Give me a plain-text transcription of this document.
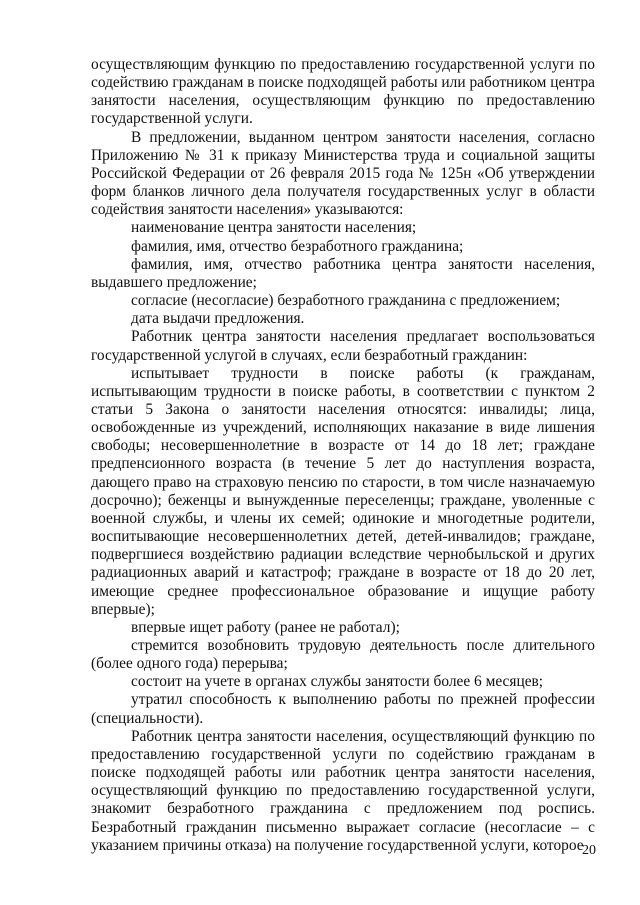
осуществляющим функцию по предоставлению государственной услуги по содействию гражданам в поиске подходящей работы или работником центра занятости населения, осуществляющим функцию по предоставлению государственной услуги.

В предложении, выданном центром занятости населения, согласно Приложению № 31 к приказу Министерства труда и социальной защиты Российской Федерации от 26 февраля 2015 года № 125н «Об утверждении форм бланков личного дела получателя государственных услуг в области содействия занятости населения» указываются:

наименование центра занятости населения;

фамилия, имя, отчество безработного гражданина;

фамилия, имя, отчество работника центра занятости населения, выдавшего предложение;

согласие (несогласие) безработного гражданина с предложением;

дата выдачи предложения.

Работник центра занятости населения предлагает воспользоваться государственной услугой в случаях, если безработный гражданин:

испытывает трудности в поиске работы (к гражданам, испытывающим трудности в поиске работы, в соответствии с пунктом 2 статьи 5 Закона о занятости населения относятся: инвалиды; лица, освобожденные из учреждений, исполняющих наказание в виде лишения свободы; несовершеннолетние в возрасте от 14 до 18 лет; граждане предпенсионного возраста (в течение 5 лет до наступления возраста, дающего право на страховую пенсию по старости, в том числе назначаемую досрочно); беженцы и вынужденные переселенцы; граждане, уволенные с военной службы, и члены их семей; одинокие и многодетные родители, воспитывающие несовершеннолетних детей, детей-инвалидов; граждане, подвергшиеся воздействию радиации вследствие чернобыльской и других радиационных аварий и катастроф; граждане в возрасте от 18 до 20 лет, имеющие среднее профессиональное образование и ищущие работу впервые);

впервые ищет работу (ранее не работал);

стремится возобновить трудовую деятельность после длительного (более одного года) перерыва;

состоит на учете в органах службы занятости более 6 месяцев;

утратил способность к выполнению работы по прежней профессии (специальности).

Работник центра занятости населения, осуществляющий функцию по предоставлению государственной услуги по содействию гражданам в поиске подходящей работы или работник центра занятости населения, осуществляющий функцию по предоставлению государственной услуги, знакомит безработного гражданина с предложением под роспись. Безработный гражданин письменно выражает согласие (несогласие – с указанием причины отказа) на получение государственной услуги, которое

20
